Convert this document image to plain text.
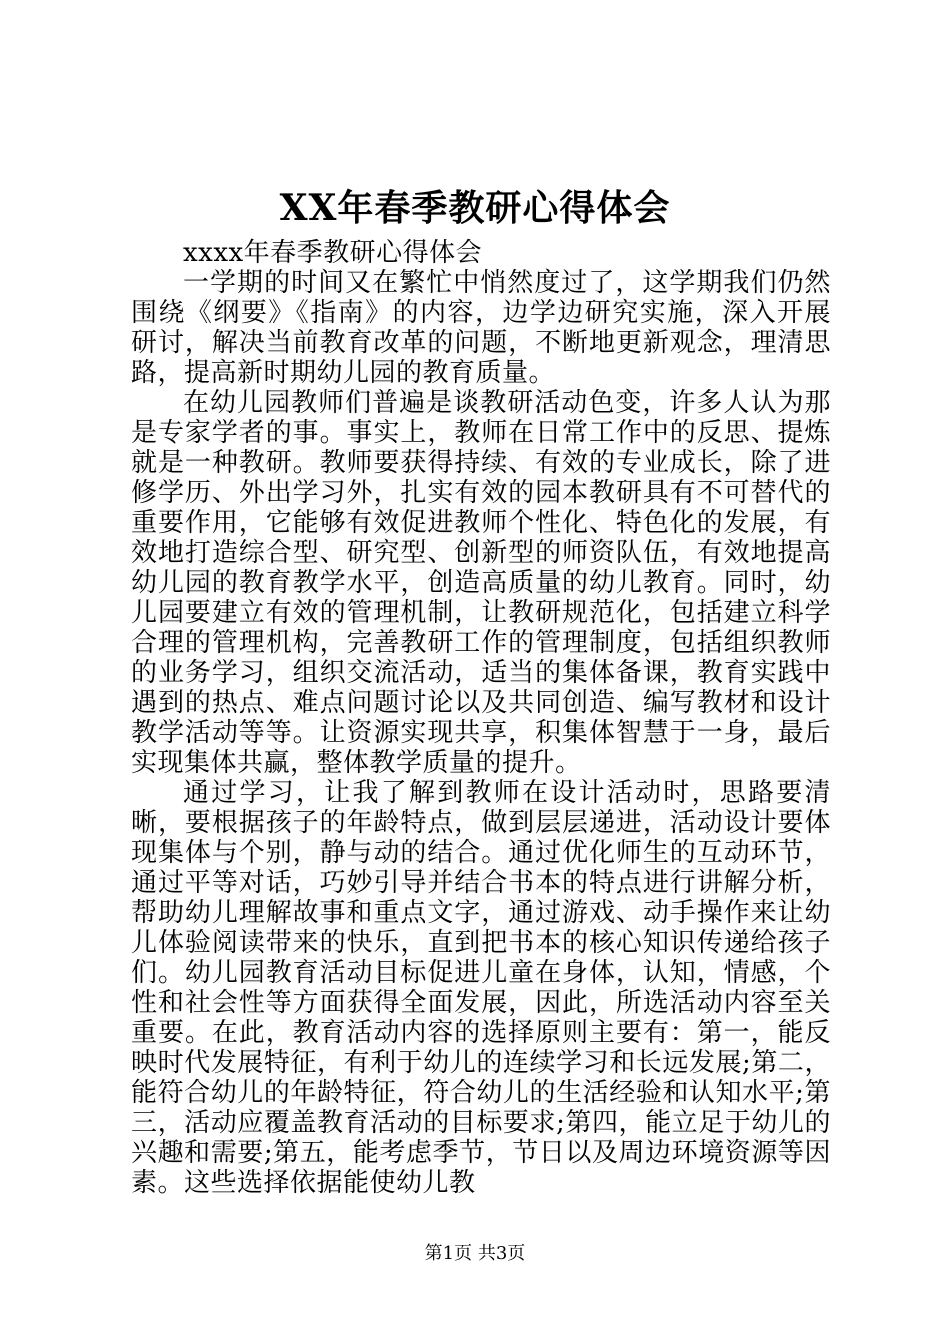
XX年春季教研心得体会

xxxx年春季教研心得体会

一学期的时间又在繁忙中悄然度过了，这学期我们仍然围绕《纲要》《指南》的内容，边学边研究实施，深入开展研讨，解决当前教育改革的问题，不断地更新观念，理清思路，提高新时期幼儿园的教育质量。

在幼儿园教师们普遍是谈教研活动色变，许多人认为那是专家学者的事。事实上，教师在日常工作中的反思、提炼就是一种教研。教师要获得持续、有效的专业成长，除了进修学历、外出学习外，扎实有效的园本教研具有不可替代的重要作用，它能够有效促进教师个性化、特色化的发展，有效地打造综合型、研究型、创新型的师资队伍，有效地提高幼儿园的教育教学水平，创造高质量的幼儿教育。同时，幼儿园要建立有效的管理机制，让教研规范化，包括建立科学合理的管理机构，完善教研工作的管理制度，包括组织教师的业务学习，组织交流活动，适当的集体备课，教育实践中遇到的热点、难点问题讨论以及共同创造、编写教材和设计教学活动等等。让资源实现共享，积集体智慧于一身，最后实现集体共赢，整体教学质量的提升。

通过学习，让我了解到教师在设计活动时，思路要清晰，要根据孩子的年龄特点，做到层层递进，活动设计要体现集体与个别，静与动的结合。通过优化师生的互动环节，通过平等对话，巧妙引导并结合书本的特点进行讲解分析，帮助幼儿理解故事和重点文字，通过游戏、动手操作来让幼儿体验阅读带来的快乐，直到把书本的核心知识传递给孩子们。幼儿园教育活动目标促进儿童在身体，认知，情感，个性和社会性等方面获得全面发展，因此，所选活动内容至关重要。在此，教育活动内容的选择原则主要有：第一，能反映时代发展特征，有利于幼儿的连续学习和长远发展;第二，能符合幼儿的年龄特征，符合幼儿的生活经验和认知水平;第三，活动应覆盖教育活动的目标要求;第四，能立足于幼儿的兴趣和需要;第五，能考虑季节，节日以及周边环境资源等因素。这些选择依据能使幼儿教

第1页 共3页
